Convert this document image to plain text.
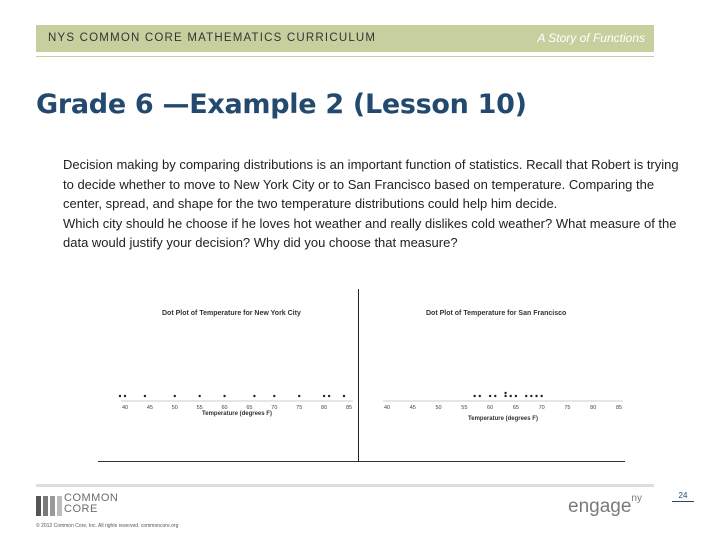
NYS COMMON CORE MATHEMATICS CURRICULUM	A Story of Functions
Grade 6 —Example 2 (Lesson 10)

Decision making by comparing distributions is an important function of statistics. Recall that Robert is trying to decide whether to move to New York City or to San Francisco based on temperature. Comparing the center, spread, and shape for the two temperature distributions could help him decide.

Which city should he choose if he loves hot weather and really dislikes cold weather? What measure of the data would justify your decision? Why did you choose that measure?

Dot Plot of Temperature for New York City	Dot Plot of Temperature for San Francisco
40	45	50	55	60	65	70	75	80	85
Temperature (degrees F)
40	45	50	55	60	65	70	75	80	85
Temperature (degrees F)
COMMON
CORE
© 2012 Common Core, Inc. All rights reserved. commoncore.org
engage$^{ny}$	24
